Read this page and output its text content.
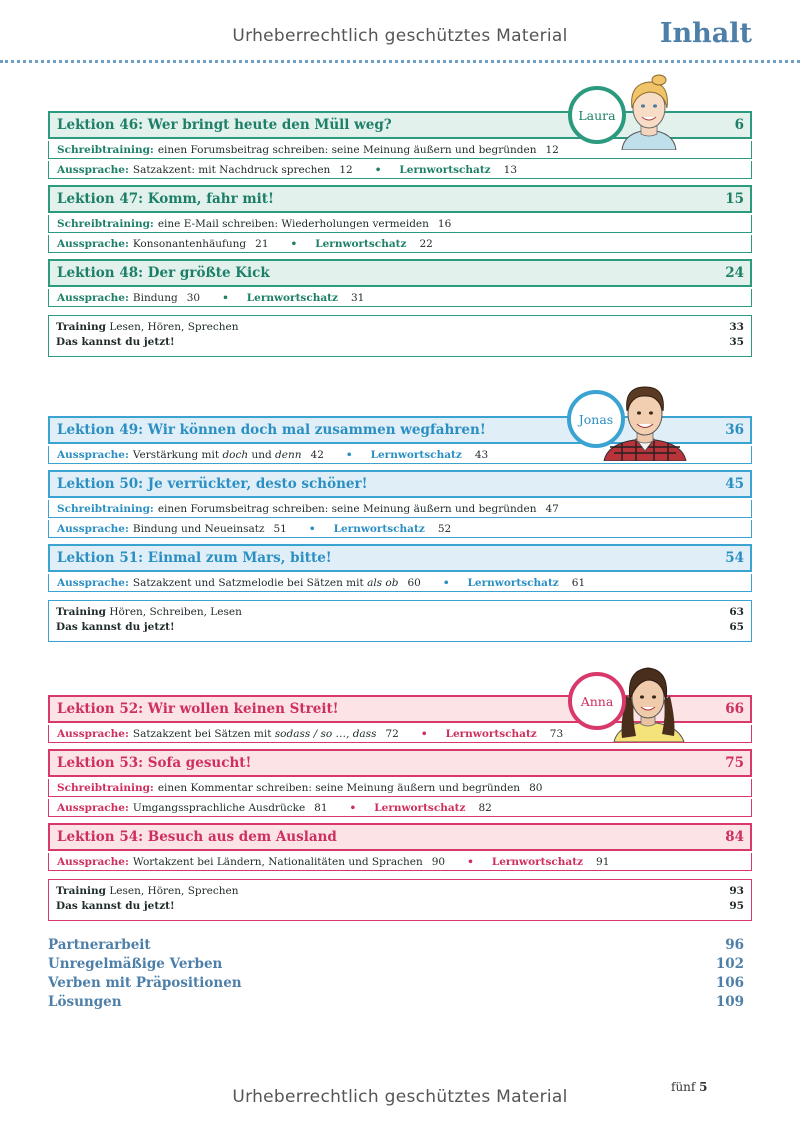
Urheberrechtlich geschütztes Material	Inhalt
Lektion 46: Wer bringt heute den Müll weg?	6
Schreibtraining: einen Forumsbeitrag schreiben: seine Meinung äußern und begründen 12
Aussprache: Satzakzent: mit Nachdruck sprechen 12 • Lernwortschatz 13
Lektion 47: Komm, fahr mit!	15
Schreibtraining: eine E-Mail schreiben: Wiederholungen vermeiden 16
Aussprache: Konsonantenhäufung 21 • Lernwortschatz 22
Lektion 48: Der größte Kick	24
Aussprache: Bindung 30 • Lernwortschatz 31
Training Lesen, Hören, Sprechen	33
Das kannst du jetzt!	35
Laura
Lektion 49: Wir können doch mal zusammen wegfahren!	36
Aussprache: Verstärkung mit doch und denn 42 • Lernwortschatz 43
Lektion 50: Je verrückter, desto schöner!	45
Schreibtraining: einen Forumsbeitrag schreiben: seine Meinung äußern und begründen 47
Aussprache: Bindung und Neueinsatz 51 • Lernwortschatz 52
Lektion 51: Einmal zum Mars, bitte!	54
Aussprache: Satzakzent und Satzmelodie bei Sätzen mit als ob 60 • Lernwortschatz 61
Training Hören, Schreiben, Lesen	63
Das kannst du jetzt!	65
Jonas
Lektion 52: Wir wollen keinen Streit!	66
Aussprache: Satzakzent bei Sätzen mit sodass / so …, dass 72 • Lernwortschatz 73
Lektion 53: Sofa gesucht!	75
Schreibtraining: einen Kommentar schreiben: seine Meinung äußern und begründen 80
Aussprache: Umgangssprachliche Ausdrücke 81 • Lernwortschatz 82
Lektion 54: Besuch aus dem Ausland	84
Aussprache: Wortakzent bei Ländern, Nationalitäten und Sprachen 90 • Lernwortschatz 91
Training Lesen, Hören, Sprechen	93
Das kannst du jetzt!	95
Anna
Partnerarbeit	96
Unregelmäßige Verben	102
Verben mit Präpositionen	106
Lösungen	109
fünf 5
Urheberrechtlich geschütztes Material
